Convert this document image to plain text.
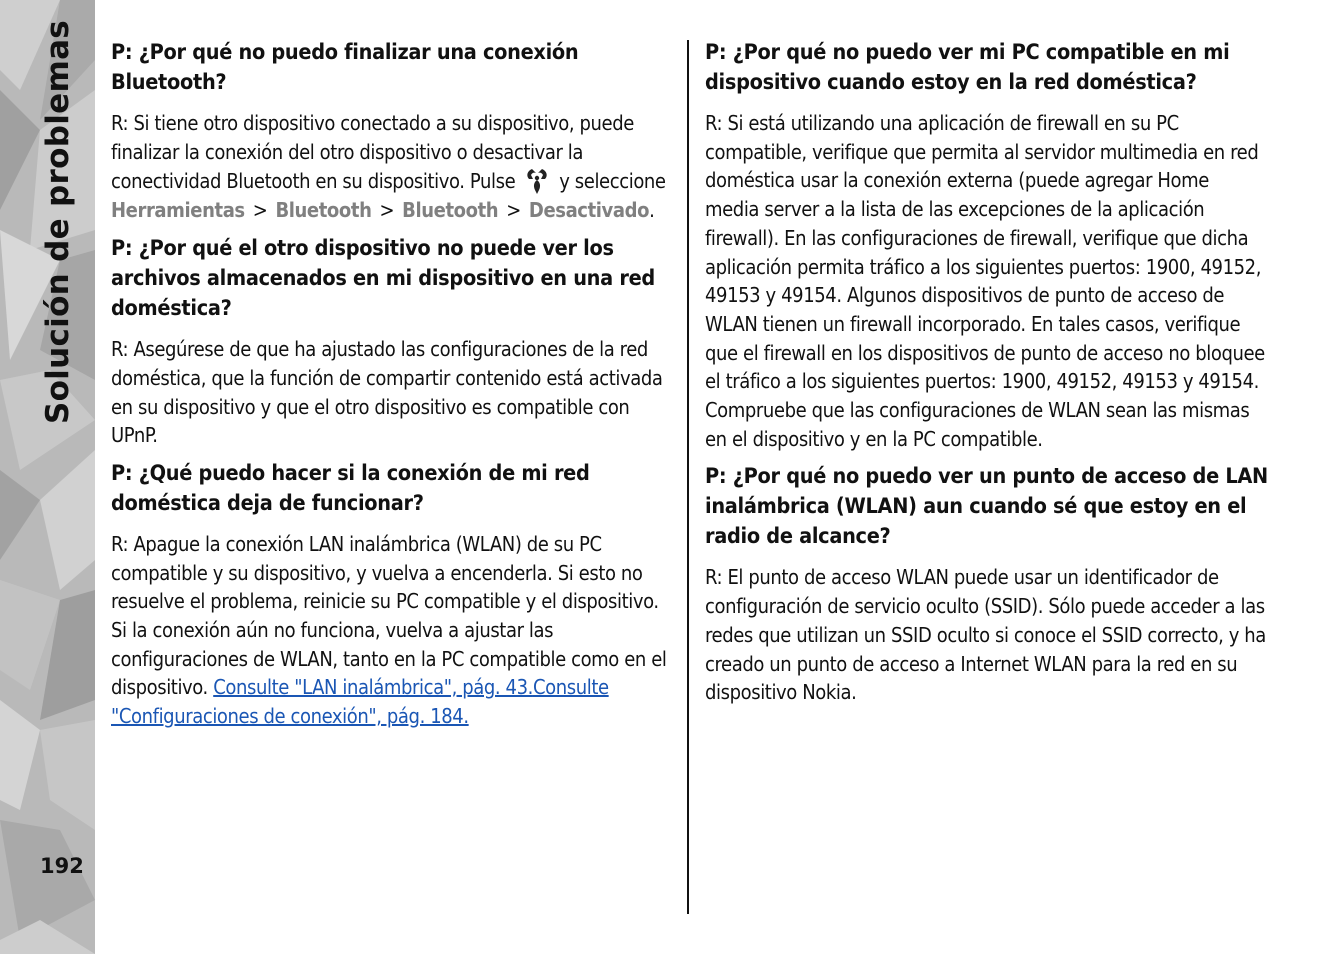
Solución de problemas
192
P: ¿Por qué no puedo finalizar una conexión Bluetooth?
R: Si tiene otro dispositivo conectado a su dispositivo, puede finalizar la conexión del otro dispositivo o desactivar la conectividad Bluetooth en su dispositivo. Pulse y seleccione Herramientas > Bluetooth > Bluetooth > Desactivado.
P: ¿Por qué el otro dispositivo no puede ver los archivos almacenados en mi dispositivo en una red doméstica?
R: Asegúrese de que ha ajustado las configuraciones de la red doméstica, que la función de compartir contenido está activada en su dispositivo y que el otro dispositivo es compatible con UPnP.
P: ¿Qué puedo hacer si la conexión de mi red doméstica deja de funcionar?
R: Apague la conexión LAN inalámbrica (WLAN) de su PC compatible y su dispositivo, y vuelva a encenderla. Si esto no resuelve el problema, reinicie su PC compatible y el dispositivo. Si la conexión aún no funciona, vuelva a ajustar las configuraciones de WLAN, tanto en la PC compatible como en el dispositivo. Consulte "LAN inalámbrica", pág. 43.Consulte "Configuraciones de conexión", pág. 184.
P: ¿Por qué no puedo ver mi PC compatible en mi dispositivo cuando estoy en la red doméstica?
R: Si está utilizando una aplicación de firewall en su PC compatible, verifique que permita al servidor multimedia en red doméstica usar la conexión externa (puede agregar Home media server a la lista de las excepciones de la aplicación firewall). En las configuraciones de firewall, verifique que dicha aplicación permita tráfico a los siguientes puertos: 1900, 49152, 49153 y 49154. Algunos dispositivos de punto de acceso de WLAN tienen un firewall incorporado. En tales casos, verifique que el firewall en los dispositivos de punto de acceso no bloquee el tráfico a los siguientes puertos: 1900, 49152, 49153 y 49154. Compruebe que las configuraciones de WLAN sean las mismas en el dispositivo y en la PC compatible.
P: ¿Por qué no puedo ver un punto de acceso de LAN inalámbrica (WLAN) aun cuando sé que estoy en el radio de alcance?
R: El punto de acceso WLAN puede usar un identificador de configuración de servicio oculto (SSID). Sólo puede acceder a las redes que utilizan un SSID oculto si conoce el SSID correcto, y ha creado un punto de acceso a Internet WLAN para la red en su dispositivo Nokia.
